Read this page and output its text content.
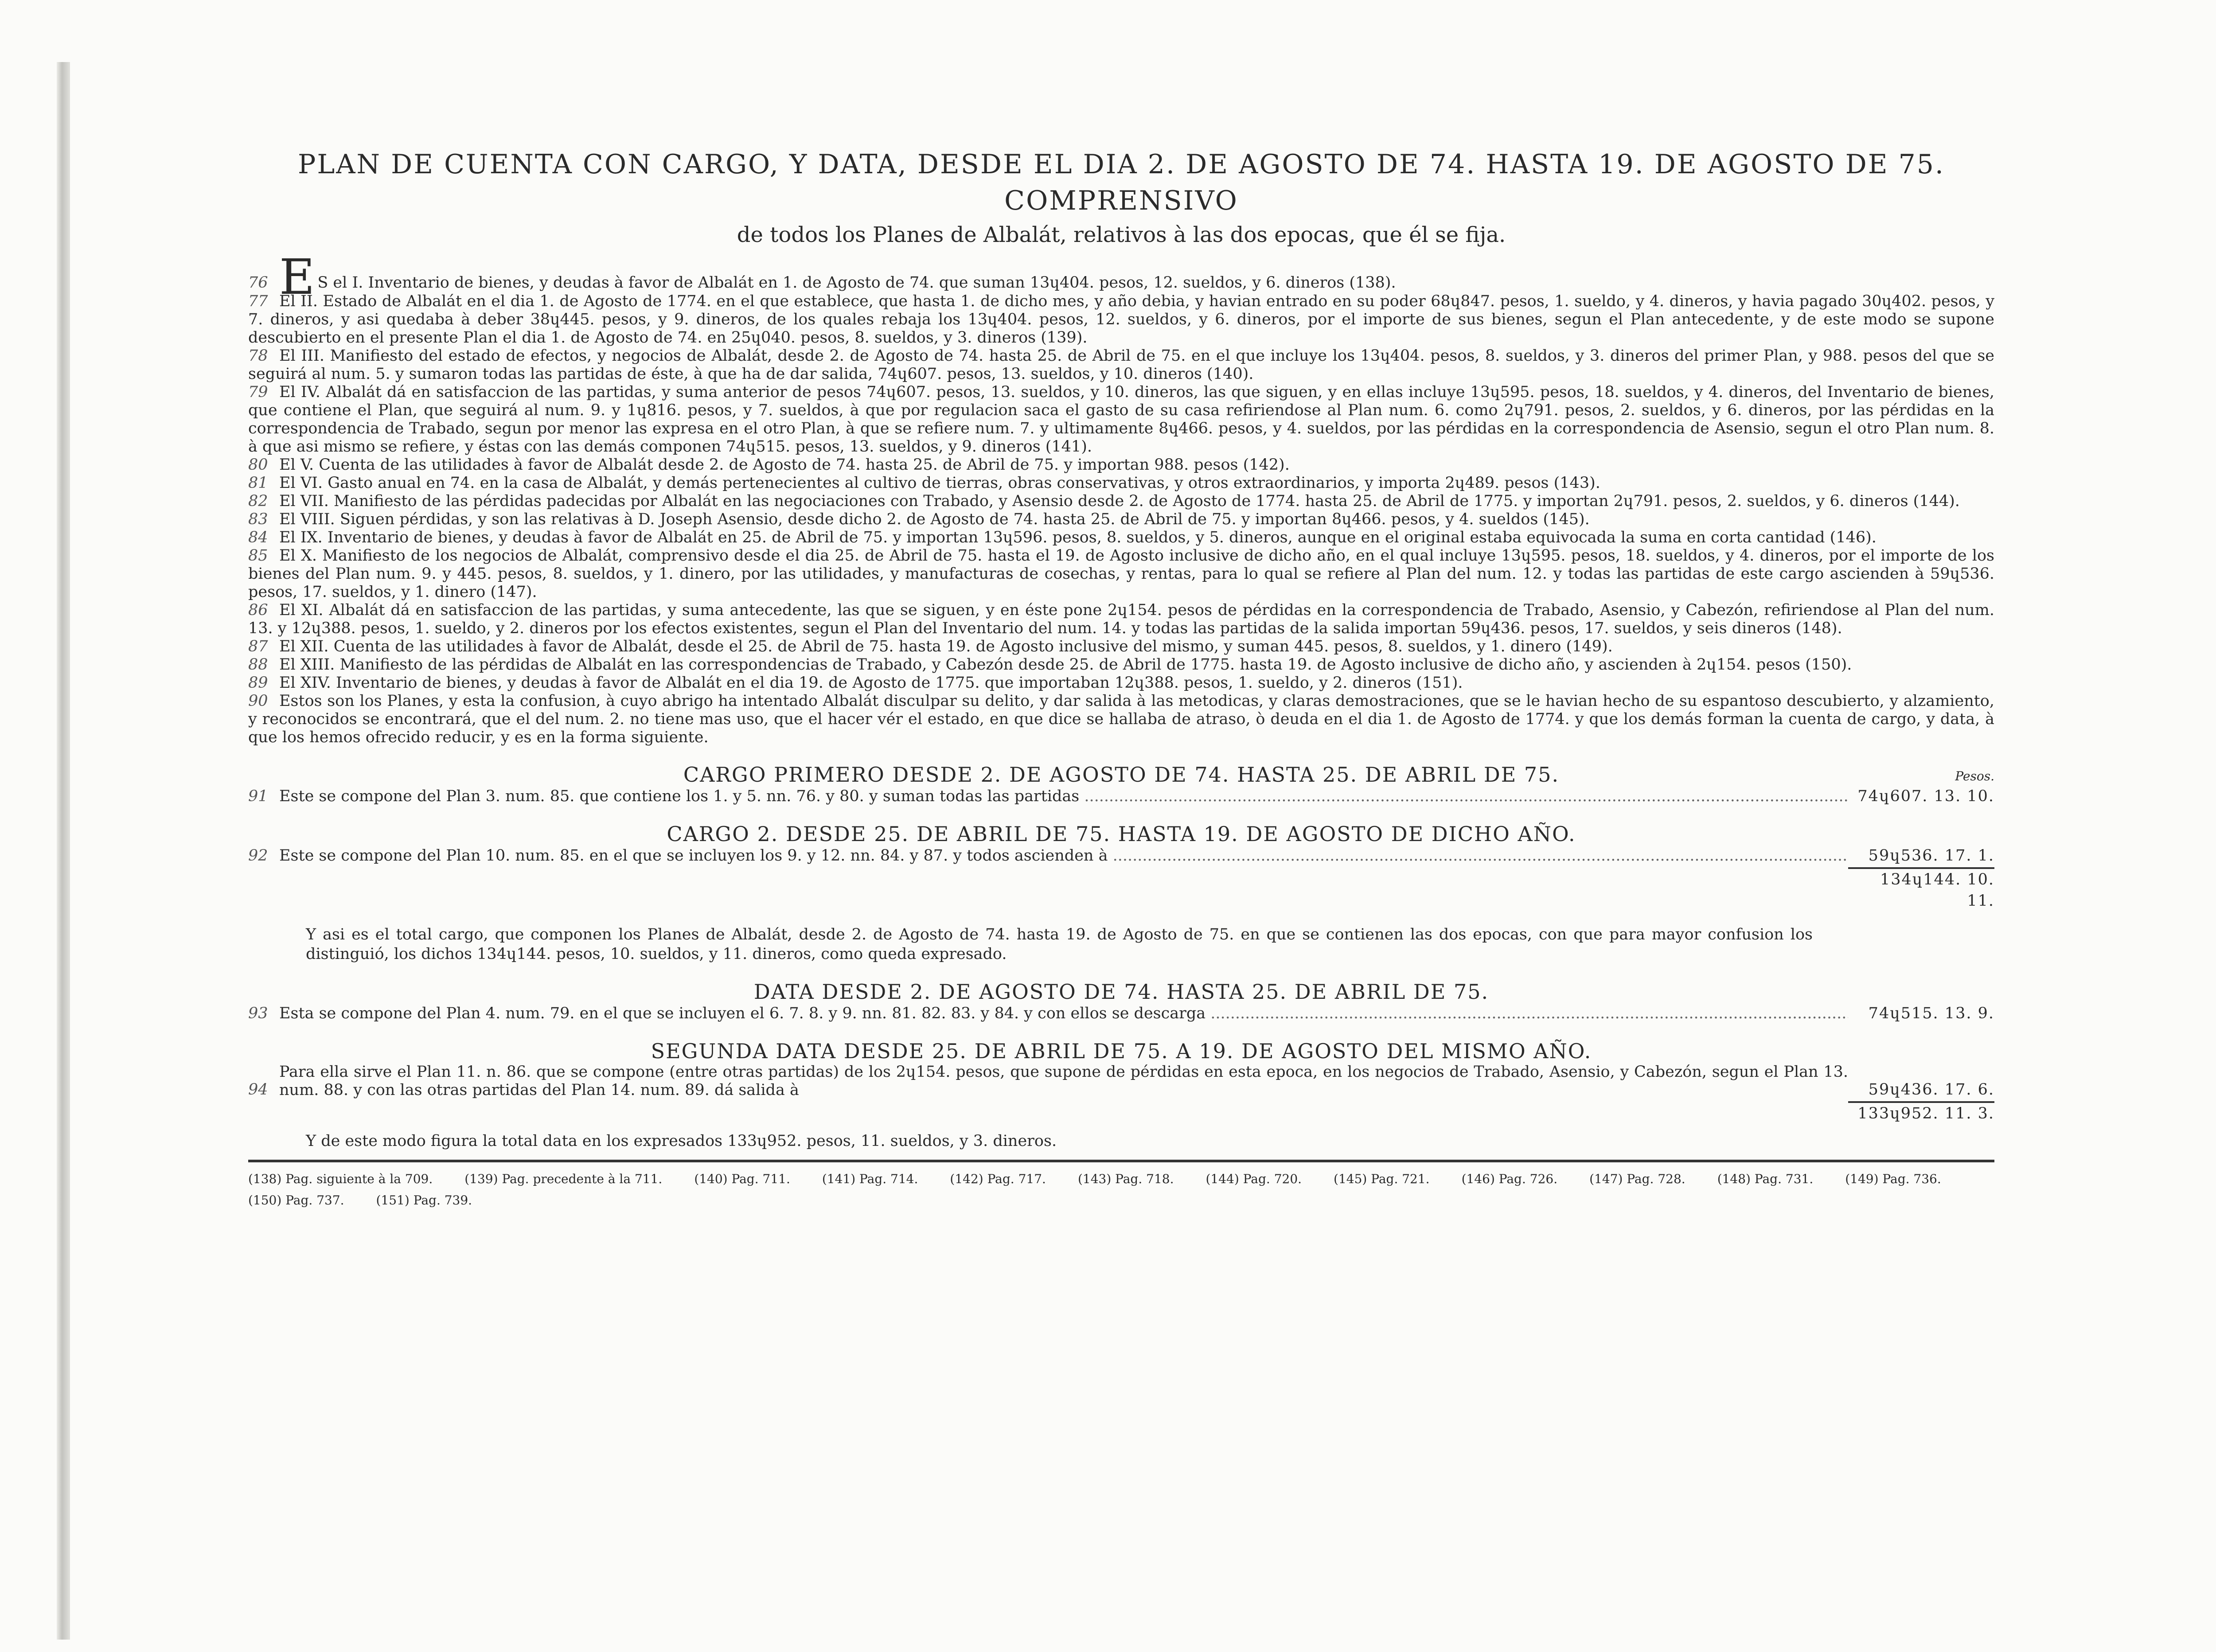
PLAN DE CUENTA CON CARGO, Y DATA, DESDE EL DIA 2. DE AGOSTO DE 74. HASTA 19. DE AGOSTO DE 75. COMPRENSIVO
de todos los Planes de Albalát, relativos à las dos epocas, que él se fija.

76 E S el I. Inventario de bienes, y deudas à favor de Albalát en 1. de Agosto de 74. que suman 13ɥ404. pesos, 12. sueldos, y 6. dineros (138).

77 El II. Estado de Albalát en el dia 1. de Agosto de 1774. en el que establece, que hasta 1. de dicho mes, y año debia, y havian entrado en su poder 68ɥ847. pesos, 1. sueldo, y 4. dineros, y havia pagado 30ɥ402. pesos, y 7. dineros, y asi quedaba à deber 38ɥ445. pesos, y 9. dineros, de los quales rebaja los 13ɥ404. pesos, 12. sueldos, y 6. dineros, por el importe de sus bienes, segun el Plan antecedente, y de este modo se supone descubierto en el presente Plan el dia 1. de Agosto de 74. en 25ɥ040. pesos, 8. sueldos, y 3. dineros (139).

78 El III. Manifiesto del estado de efectos, y negocios de Albalát, desde 2. de Agosto de 74. hasta 25. de Abril de 75. en el que incluye los 13ɥ404. pesos, 8. sueldos, y 3. dineros del primer Plan, y 988. pesos del que se seguirá al num. 5. y sumaron todas las partidas de éste, à que ha de dar salida, 74ɥ607. pesos, 13. sueldos, y 10. dineros (140).

79 El IV. Albalát dá en satisfaccion de las partidas, y suma anterior de pesos 74ɥ607. pesos, 13. sueldos, y 10. dineros, las que siguen, y en ellas incluye 13ɥ595. pesos, 18. sueldos, y 4. dineros, del Inventario de bienes, que contiene el Plan, que seguirá al num. 9. y 1ɥ816. pesos, y 7. sueldos, à que por regulacion saca el gasto de su casa refiriendose al Plan num. 6. como 2ɥ791. pesos, 2. sueldos, y 6. dineros, por las pérdidas en la correspondencia de Trabado, segun por menor las expresa en el otro Plan, à que se refiere num. 7. y ultimamente 8ɥ466. pesos, y 4. sueldos, por las pérdidas en la correspondencia de Asensio, segun el otro Plan num. 8. à que asi mismo se refiere, y éstas con las demás componen 74ɥ515. pesos, 13. sueldos, y 9. dineros (141).

80 El V. Cuenta de las utilidades à favor de Albalát desde 2. de Agosto de 74. hasta 25. de Abril de 75. y importan 988. pesos (142).

81 El VI. Gasto anual en 74. en la casa de Albalát, y demás pertenecientes al cultivo de tierras, obras conservativas, y otros extraordinarios, y importa 2ɥ489. pesos (143).

82 El VII. Manifiesto de las pérdidas padecidas por Albalát en las negociaciones con Trabado, y Asensio desde 2. de Agosto de 1774. hasta 25. de Abril de 1775. y importan 2ɥ791. pesos, 2. sueldos, y 6. dineros (144).

83 El VIII. Siguen pérdidas, y son las relativas à D. Joseph Asensio, desde dicho 2. de Agosto de 74. hasta 25. de Abril de 75. y importan 8ɥ466. pesos, y 4. sueldos (145).

84 El IX. Inventario de bienes, y deudas à favor de Albalát en 25. de Abril de 75. y importan 13ɥ596. pesos, 8. sueldos, y 5. dineros, aunque en el original estaba equivocada la suma en corta cantidad (146).

85 El X. Manifiesto de los negocios de Albalát, comprensivo desde el dia 25. de Abril de 75. hasta el 19. de Agosto inclusive de dicho año, en el qual incluye 13ɥ595. pesos, 18. sueldos, y 4. dineros, por el importe de los bienes del Plan num. 9. y 445. pesos, 8. sueldos, y 1. dinero, por las utilidades, y manufacturas de cosechas, y rentas, para lo qual se refiere al Plan del num. 12. y todas las partidas de este cargo ascienden à 59ɥ536. pesos, 17. sueldos, y 1. dinero (147).

86 El XI. Albalát dá en satisfaccion de las partidas, y suma antecedente, las que se siguen, y en éste pone 2ɥ154. pesos de pérdidas en la correspondencia de Trabado, Asensio, y Cabezón, refiriendose al Plan del num. 13. y 12ɥ388. pesos, 1. sueldo, y 2. dineros por los efectos existentes, segun el Plan del Inventario del num. 14. y todas las partidas de la salida importan 59ɥ436. pesos, 17. sueldos, y seis dineros (148).

87 El XII. Cuenta de las utilidades à favor de Albalát, desde el 25. de Abril de 75. hasta 19. de Agosto inclusive del mismo, y suman 445. pesos, 8. sueldos, y 1. dinero (149).

88 El XIII. Manifiesto de las pérdidas de Albalát en las correspondencias de Trabado, y Cabezón desde 25. de Abril de 1775. hasta 19. de Agosto inclusive de dicho año, y ascienden à 2ɥ154. pesos (150).

89 El XIV. Inventario de bienes, y deudas à favor de Albalát en el dia 19. de Agosto de 1775. que importaban 12ɥ388. pesos, 1. sueldo, y 2. dineros (151).

90 Estos son los Planes, y esta la confusion, à cuyo abrigo ha intentado Albalát disculpar su delito, y dar salida à las metodicas, y claras demostraciones, que se le havian hecho de su espantoso descubierto, y alzamiento, y reconocidos se encontrará, que el del num. 2. no tiene mas uso, que el hacer vér el estado, en que dice se hallaba de atraso, ò deuda en el dia 1. de Agosto de 1774. y que los demás forman la cuenta de cargo, y data, à que los hemos ofrecido reducir, y es en la forma siguiente.

CARGO PRIMERO DESDE 2. DE AGOSTO DE 74. HASTA 25. DE ABRIL DE 75.	Pesos.
91 Este se compone del Plan 3. num. 85. que contiene los 1. y 5. nn. 76. y 80. y suman todas las partidas .....	74ɥ607. 13. 10.
CARGO 2. DESDE 25. DE ABRIL DE 75. HASTA 19. DE AGOSTO DE DICHO AÑO.
92 Este se compone del Plan 10. num. 85. en el que se incluyen los 9. y 12. nn. 84. y 87. y todos ascienden à .....	59ɥ536. 17. 1.
134ɥ144. 10. 11.

Y asi es el total cargo, que componen los Planes de Albalát, desde 2. de Agosto de 74. hasta 19. de Agosto de 75. en que se contienen las dos epocas, con que para mayor confusion los distinguió, los dichos 134ɥ144. pesos, 10. sueldos, y 11. dineros, como queda expresado.

DATA DESDE 2. DE AGOSTO DE 74. HASTA 25. DE ABRIL DE 75.
93 Esta se compone del Plan 4. num. 79. en el que se incluyen el 6. 7. 8. y 9. nn. 81. 82. 83. y 84. y con ellos se descarga .....	74ɥ515. 13. 9.
SEGUNDA DATA DESDE 25. DE ABRIL DE 75. A 19. DE AGOSTO DEL MISMO AÑO.
94
Para ella sirve el Plan 11. n. 86. que se compone (entre otras partidas) de los 2ɥ154. pesos, que supone de pérdidas en esta epoca, en los negocios de Trabado, Asensio, y Cabezón, segun el Plan 13. num. 88. y con las otras partidas del Plan 14. num. 89. dá salida à	59ɥ436. 17. 6.
133ɥ952. 11. 3.

Y de este modo figura la total data en los expresados 133ɥ952. pesos, 11. sueldos, y 3. dineros.

(138) Pag. siguiente à la 709.	(139) Pag. precedente à la 711.	(140) Pag. 711.	(141) Pag. 714.	(142) Pag. 717.	(143) Pag. 718.	(144) Pag. 720.	(145) Pag. 721.	(146) Pag. 726.	(147) Pag. 728.	(148) Pag. 731.	(149) Pag. 736.
(150) Pag. 737.	(151) Pag. 739.
